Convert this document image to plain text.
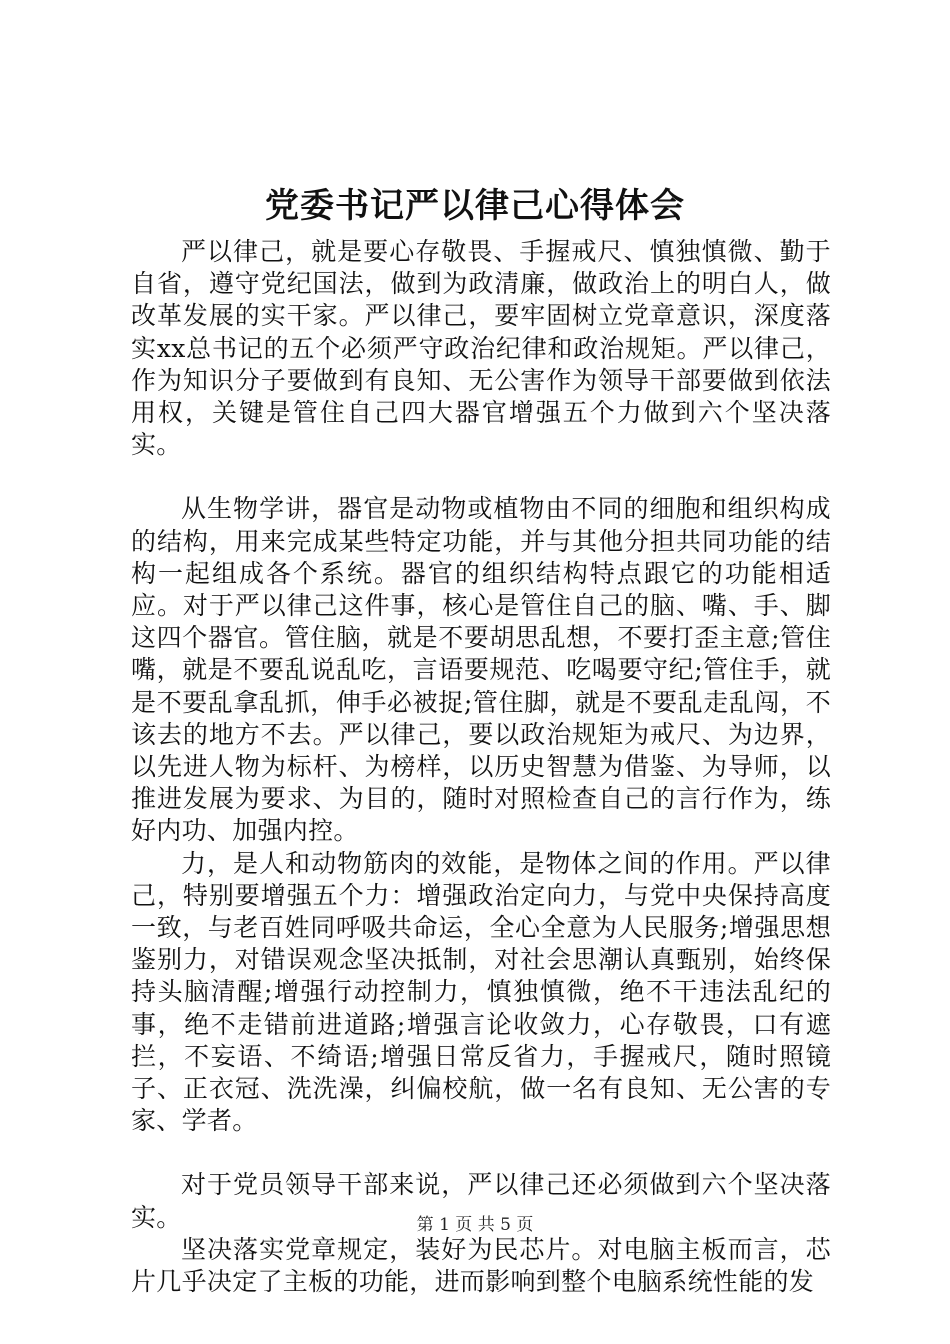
党委书记严以律己心得体会

严以律己，就是要心存敬畏、手握戒尺、慎独慎微、勤于自省，遵守党纪国法，做到为政清廉，做政治上的明白人，做改革发展的实干家。严以律己，要牢固树立党章意识，深度落实xx总书记的五个必须严守政治纪律和政治规矩。严以律己，作为知识分子要做到有良知、无公害作为领导干部要做到依法用权，关键是管住自己四大器官增强五个力做到六个坚决落实。

从生物学讲，器官是动物或植物由不同的细胞和组织构成的结构，用来完成某些特定功能，并与其他分担共同功能的结构一起组成各个系统。器官的组织结构特点跟它的功能相适应。对于严以律己这件事，核心是管住自己的脑、嘴、手、脚这四个器官。管住脑，就是不要胡思乱想，不要打歪主意;管住嘴，就是不要乱说乱吃，言语要规范、吃喝要守纪;管住手，就是不要乱拿乱抓，伸手必被捉;管住脚，就是不要乱走乱闯，不该去的地方不去。严以律己，要以政治规矩为戒尺、为边界，以先进人物为标杆、为榜样，以历史智慧为借鉴、为导师，以推进发展为要求、为目的，随时对照检查自己的言行作为，练好内功、加强内控。

力，是人和动物筋肉的效能，是物体之间的作用。严以律己，特别要增强五个力：增强政治定向力，与党中央保持高度一致，与老百姓同呼吸共命运，全心全意为人民服务;增强思想鉴别力，对错误观念坚决抵制，对社会思潮认真甄别，始终保持头脑清醒;增强行动控制力，慎独慎微，绝不干违法乱纪的事，绝不走错前进道路;增强言论收敛力，心存敬畏，口有遮拦，不妄语、不绮语;增强日常反省力，手握戒尺，随时照镜子、正衣冠、洗洗澡，纠偏校航，做一名有良知、无公害的专家、学者。

对于党员领导干部来说，严以律己还必须做到六个坚决落实。

坚决落实党章规定，装好为民芯片。对电脑主板而言，芯片几乎决定了主板的功能，进而影响到整个电脑系统性能的发

第 1 页 共 5 页
